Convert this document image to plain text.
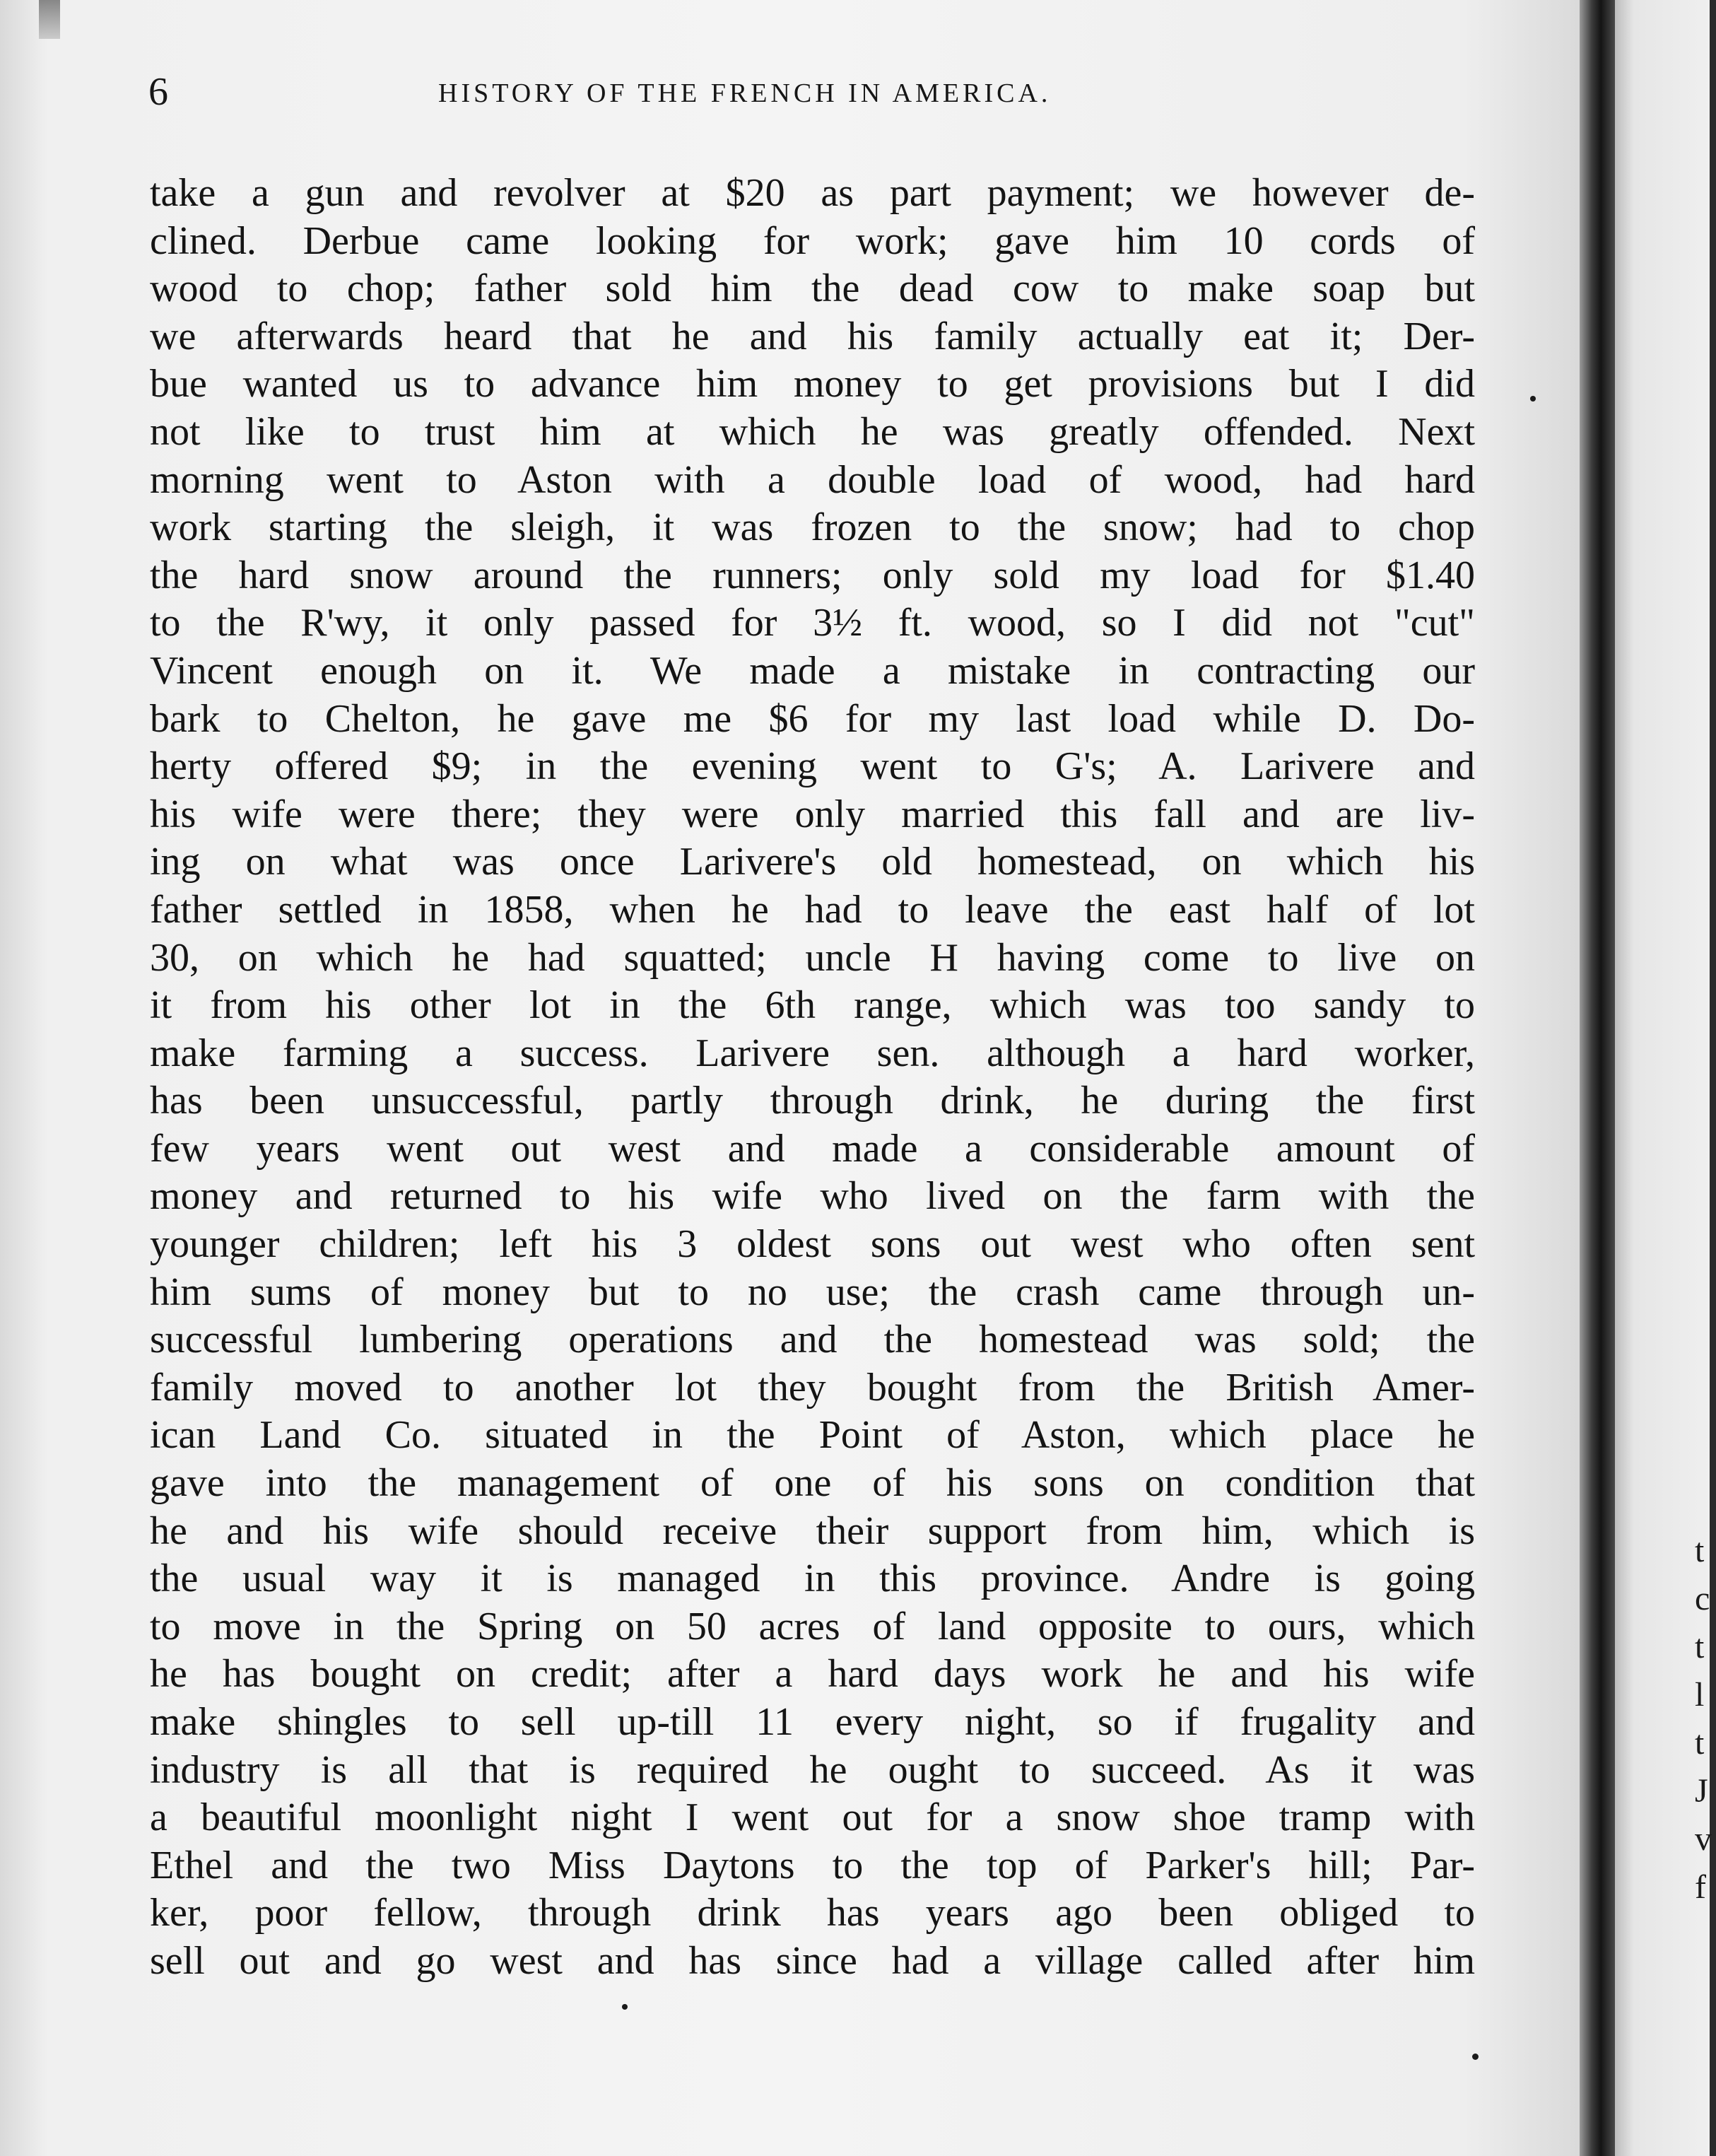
6	HISTORY OF THE FRENCH IN AMERICA.
take a gun and revolver at $20 as part payment; we however de-
clined. Derbue came looking for work; gave him 10 cords of
wood to chop; father sold him the dead cow to make soap but
we afterwards heard that he and his family actually eat it; Der-
bue wanted us to advance him money to get provisions but I did
not like to trust him at which he was greatly offended. Next
morning went to Aston with a double load of wood, had hard
work starting the sleigh, it was frozen to the snow; had to chop
the hard snow around the runners; only sold my load for $1.40
to the R'wy, it only passed for 3½ ft. wood, so I did not "cut"
Vincent enough on it. We made a mistake in contracting our
bark to Chelton, he gave me $6 for my last load while D. Do-
herty offered $9; in the evening went to G's; A. Larivere and
his wife were there; they were only married this fall and are liv-
ing on what was once Larivere's old homestead, on which his
father settled in 1858, when he had to leave the east half of lot
30, on which he had squatted; uncle H having come to live on
it from his other lot in the 6th range, which was too sandy to
make farming a success. Larivere sen. although a hard worker,
has been unsuccessful, partly through drink, he during the first
few years went out west and made a considerable amount of
money and returned to his wife who lived on the farm with the
younger children; left his 3 oldest sons out west who often sent
him sums of money but to no use; the crash came through un-
successful lumbering operations and the homestead was sold; the
family moved to another lot they bought from the British Amer-
ican Land Co. situated in the Point of Aston, which place he
gave into the management of one of his sons on condition that
he and his wife should receive their support from him, which is
the usual way it is managed in this province. Andre is going
to move in the Spring on 50 acres of land opposite to ours, which
he has bought on credit; after a hard days work he and his wife
make shingles to sell up-till 11 every night, so if frugality and
industry is all that is required he ought to succeed. As it was
a beautiful moonlight night I went out for a snow shoe tramp with
Ethel and the two Miss Daytons to the top of Parker's hill; Par-
ker, poor fellow, through drink has years ago been obliged to
sell out and go west and has since had a village called after him
t
c
t
l
t
J
v
f
